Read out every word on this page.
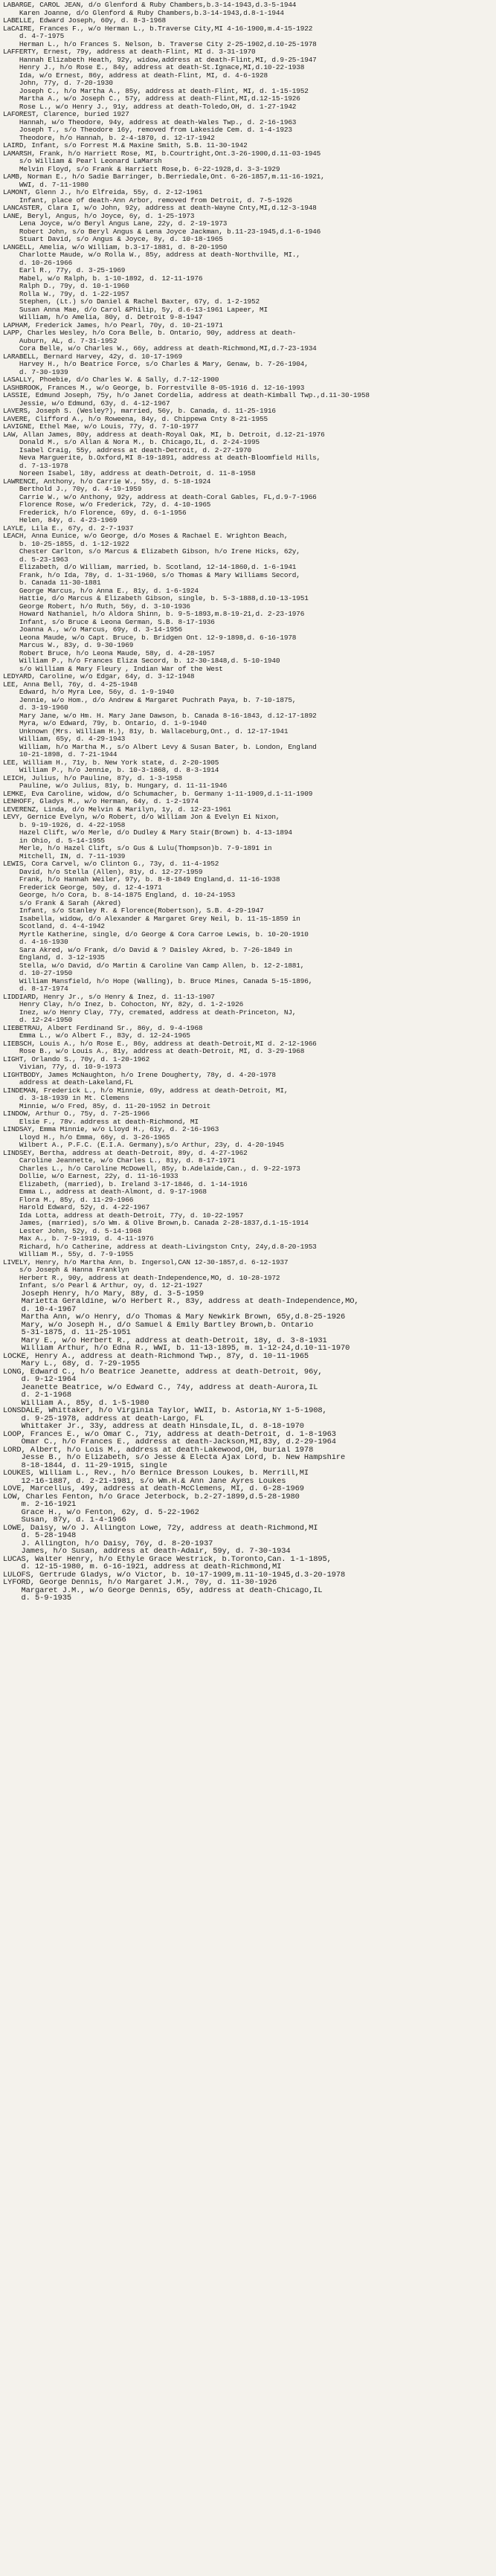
LABARGE, CAROL JEAN, d/o Glenford & Ruby Chambers,b.3-14-1943,d.3-5-1944
Karen Joanne, d/o Glenford & Ruby Chambers,b.3-14-1943,d.8-1-1944
LABELLE, Edward Joseph, 60y, d. 8-3-1968
LaCAIRE, Frances F., w/o Herman L., b.Traverse City,MI 4-16-1900,m.4-15-1922
d. 4-7-1975
Herman L., h/o Frances S. Nelson, b. Traverse City 2-25-1902,d.10-25-1978
LAFFERTY, Ernest, 79y, address at death-Flint, MI d. 3-31-1970
Hannah Elizabeth Heath, 92y, widow,address at death-Flint,MI, d.9-25-1947
Henry J., h/o Rose E., 84y, address at death-St.Ignace,MI,d.10-22-1938
Ida, w/o Ernest, 86y, address at death-Flint, MI, d. 4-6-1928
John, 77y, d. 7-20-1930
Joseph C., h/o Martha A., 85y, address at death-Flint, MI, d. 1-15-1952
Martha A., w/o Joseph C., 57y, address at death-Flint,MI,d.12-15-1926
Rose L., w/o Henry J., 91y, address at death-Toledo,OH, d. 1-27-1942
LAFOREST, Clarence, buried 1927
Hannah, w/o Theodore, 94y, address at death-Wales Twp., d. 2-16-1963
Joseph T., s/o Theodore 16y, removed from Lakeside Cem. d. 1-4-1923
Theodore, h/o Hannah, b. 2-4-1870, d. 12-17-1942
LAIRD, Infant, s/o Forrest M.& Maxine Smith, S.B. 11-30-1942
LAMARSH, Frank, h/o Harriett Rose, MI, b.Courtright,Ont.3-26-1900,d.11-03-1945
s/o William & Pearl Leonard LaMarsh
Melvin Floyd, s/o Frank & Harriett Rose,b. 6-22-1928,d. 3-3-1929
LAMB, Norman E., h/o Sadie Barringer, b.Berriedale,Ont. 6-26-1857,m.11-16-1921,
WWI, d. 7-11-1980
LAMONT, Glenn J., h/o Elfreida, 55y, d. 2-12-1961
Infant, place of death-Ann Arbor, removed from Detroit, d. 7-5-1926
LANCASTER, Clara I, w/o John, 92y, address at death-Wayne Cnty,MI,d.12-3-1948
LANE, Beryl, Angus, h/o Joyce, 6y, d. 1-25-1973
Lena Joyce, w/o Beryl Angus Lane, 22y, d. 2-19-1973
Robert John, s/o Beryl Angus & Lena Joyce Jackman, b.11-23-1945,d.1-6-1946
Stuart David, s/o Angus & Joyce, 8y, d. 10-18-1965
LANGELL, Amelia, w/o William, b.3-17-1881, d. 8-20-1950
Charlotte Maude, w/o Rolla W., 85y, address at death-Northville, MI.,
d. 10-26-1966
Earl R., 77y, d. 3-25-1969
Mabel, w/o Ralph, b. 1-10-1892, d. 12-11-1976
Ralph D., 79y, d. 10-1-1960
Rolla W., 79y, d. 1-22-1957
Stephen, (Lt.) s/o Daniel & Rachel Baxter, 67y, d. 1-2-1952
Susan Anna Mae, d/o Carol &Philip, 5y, d.6-13-1961 Lapeer, MI
William, h/o Amelia, 80y, d. Detroit 9-8-1947
LAPHAM, Frederick James, h/o Pearl, 70y, d. 10-21-1971
LAPP, Charles Wesley, h/o Cora Belle, b. Ontario, 90y, address at death-
Auburn, AL, d. 7-31-1952
Cora Belle, w/o Charles W., 66y, address at death-Richmond,MI,d.7-23-1934
LARABELL, Bernard Harvey, 42y, d. 10-17-1969
Harvey H., h/o Beatrice Force, s/o Charles & Mary, Genaw, b. 7-26-1904,
d. 7-30-1939
LASALLY, Phoebie, d/o Charles W. & Sally, d.7-12-1900
LASHBROOK, Frances M., w/o George, b. Forrestville 8-05-1916 d. 12-16-1993
LASSIE, Edmund Joseph, 75y, h/o Janet Cordelia, address at death-Kimball Twp.,d.11-30-1958
Jessie, w/o Edmund, 63y, d. 4-12-1967
LAVERS, Joseph S. (Wesley?), married, 56y, b. Canada, d. 11-25-1916
LAVERE, Clifford A., h/o Roweena, 84y, d. Chippewa Cnty 8-21-1955
LAVIGNE, Ethel Mae, w/o Louis, 77y, d. 7-10-1977
LAW, Allan James, 80y, address at death-Royal Oak, MI, b. Detroit, d.12-21-1976
Donald M., s/o Allan & Nora M., b. Chicago,IL, d. 2-24-1995
Isabel Craig, 55y, address at death-Detroit, d. 2-27-1970
Neva Marguerite, b.Oxford,MI 8-19-1891, address at death-Bloomfield Hills,
d. 7-13-1978
Noreen Isabel, 18y, address at death-Detroit, d. 11-8-1958
LAWRENCE, Anthony, h/o Carrie W., 55y, d. 5-18-1924
Berthold J., 70y, d. 4-19-1959
Carrie W., w/o Anthony, 92y, address at death-Coral Gables, FL,d.9-7-1966
Florence Rose, w/o Frederick, 72y, d. 4-10-1965
Frederick, h/o Florence, 69y, d. 6-1-1956
Helen, 84y, d. 4-23-1969
LAYLE, Lila E., 67y, d. 2-7-1937
LEACH, Anna Eunice, w/o George, d/o Moses & Rachael E. Wrighton Beach,
b. 10-25-1855, d. 1-12-1922
Chester Carlton, s/o Marcus & Elizabeth Gibson, h/o Irene Hicks, 62y,
d. 5-23-1963
Elizabeth, d/o William, married, b. Scotland, 12-14-1860,d. 1-6-1941
Frank, h/o Ida, 78y, d. 1-31-1960, s/o Thomas & Mary Williams Secord,
b. Canada 11-30-1881
George Marcus, h/o Anna E., 81y, d. 1-6-1924
Hattie, d/o Marcus & Elizabeth Gibson, single, b. 5-3-1888,d.10-13-1951
George Robert, h/o Ruth, 56y, d. 3-10-1936
Howard Nathaniel, h/o Aldora Shinn, b. 9-5-1893,m.8-19-21,d. 2-23-1976
Infant, s/o Bruce & Leona German, S.B. 8-17-1936
Joanna A., w/o Marcus, 69y, d. 3-14-1956
Leona Maude, w/o Capt. Bruce, b. Bridgen Ont. 12-9-1898,d. 6-16-1978
Marcus W., 83y, d. 9-30-1969
Robert Bruce, h/o Leona Maude, 58y, d. 4-28-1957
William P., h/o Frances Eliza Secord, b. 12-30-1848,d. 5-10-1940
s/o William & Mary Fleury , Indian War of the West
LEDYARD, Caroline, w/o Edgar, 64y, d. 3-12-1948
LEE, Anna Bell, 76y, d. 4-25-1948
Edward, h/o Myra Lee, 56y, d. 1-9-1940
Jennie, w/o Hom., d/o Andrew & Margaret Puchrath Paya, b. 7-10-1875,
d. 3-19-1960
Mary Jane, w/o Hm. H. Mary Jane Dawson, b. Canada 8-16-1843, d.12-17-1892
Myra, w/o Edward, 79y, b. Ontario, d. 1-9-1940
Unknown (Mrs. William H.), 81y, b. Wallaceburg,Ont., d. 12-17-1941
William, 65y, d. 4-29-1943
William, h/o Martha M., s/o Albert Levy & Susan Bater, b. London, England
10-21-1898, d. 7-21-1944
LEE, William H., 71y, b. New York state, d. 2-20-1905
William P., h/o Jennie, b. 10-3-1868, d. 8-3-1914
LEICH, Julius, h/o Pauline, 87y, d. 1-3-1958
Pauline, w/o Julius, 81y, b. Hungary, d. 11-11-1946
LEMKE, Eva Caroline, widow, d/o Schumacher, b. Germany 1-11-1909,d.1-11-1909
LENHOFF, Gladys M., w/o Herman, 64y, d. 1-2-1974
LEVERENZ, Linda, d/o Melvin & Marilyn, 1y, d. 12-23-1961
LEVY, Gernice Evelyn, w/o Robert, d/o William Jon & Evelyn Ei Nixon,
b. 9-19-1926, d. 4-22-1958
Hazel Clift, w/o Merle, d/o Dudley & Mary Stair(Brown) b. 4-13-1894
in Ohio, d. 5-14-1955
Merle, h/o Hazel Clift, s/o Gus & Lulu(Thompson)b. 7-9-1891 in
Mitchell, IN, d. 7-11-1939
LEWIS, Cora Carvel, w/o Clinton G., 73y, d. 11-4-1952
David, h/o Stella (Allen), 81y, d. 12-27-1959
Frank, h/o Hannah Weiler, 97y, b. 8-8-1849 England,d. 11-16-1938
Frederick George, 50y, d. 12-4-1971
George, h/o Cora, b. 8-14-1875 England, d. 10-24-1953
s/o Frank & Sarah (Akred)
Infant, s/o Stanley R. & Florence(Robertson), S.B. 4-29-1947
Isabella, widow, d/o Alexander & Margaret Grey Neil, b. 11-15-1859 in
Scotland, d. 4-4-1942
Myrtle Katherine, single, d/o George & Cora Carroe Lewis, b. 10-20-1910
d. 4-16-1930
Sara Akred, w/o Frank, d/o David & ? Daisley Akred, b. 7-26-1849 in
England, d. 3-12-1935
Stella, w/o David, d/o Martin & Caroline Van Camp Allen, b. 12-2-1881,
d. 10-27-1950
William Mansfield, h/o Hope (Walling), b. Bruce Mines, Canada 5-15-1896,
d. 8-17-1974
LIDDIARD, Henry Jr., s/o Henry & Inez, d. 11-13-1907
Henry Clay, h/o Inez, b. Cohocton, NY, 82y, d. 1-2-1926
Inez, w/o Henry Clay, 77y, cremated, address at death-Princeton, NJ,
d. 12-24-1950
LIEBETRAU, Albert Ferdinand Sr., 86y, d. 9-4-1968
Emma L., w/o Albert F., 83y, d. 12-24-1965
LIEBSCH, Louis A., h/o Rose E., 86y, address at death-Detroit,MI d. 2-12-1966
Rose B., w/o Louis A., 81y, address at death-Detroit, MI, d. 3-29-1968
LIGHT, Orlando S., 70y, d. 1-20-1962
Vivian, 77y, d. 10-9-1973
LIGHTBODY, James McNaughton, h/o Irene Dougherty, 78y, d. 4-20-1978
address at death-Lakeland,FL
LINDEMAN, Frederick L., h/o Minnie, 69y, address at death-Detroit, MI,
d. 3-18-1939 in Mt. Clemens
Minnie, w/o Fred, 85y, d. 11-20-1952 in Detroit
LINDOW, Arthur O., 75y, d. 7-25-1966
Elsie F., 78v. address at death-Richmond, MI
LINDSAY, Emma Minnie, w/o Lloyd H., 61y, d. 2-16-1963
Lloyd H., h/o Emma, 66y, d. 3-26-1965
Wilbert A., P.F.C. (E.I.A. Germany),s/o Arthur, 23y, d. 4-20-1945
LINDSEY, Bertha, address at death-Detroit, 89y, d. 4-27-1962
Caroline Jeannette, w/o Charles L., 81y, d. 8-17-1971
Charles L., h/o Caroline McDowell, 85y, b.Adelaide,Can., d. 9-22-1973
Dollie, w/o Earnest, 22y, d. 11-16-1933
Elizabeth, (married), b. Ireland 3-17-1846, d. 1-14-1916
Emma L., address at death-Almont, d. 9-17-1968
Flora M., 85y, d. 11-29-1966
Harold Edward, 52y, d. 4-22-1967
Ida Lotta, address at death-Detroit, 77y, d. 10-22-1957
James, (married), s/o Wm. & Olive Brown,b. Canada 2-28-1837,d.1-15-1914
Lester John, 52y, d. 5-14-1968
Max A., b. 7-9-1919, d. 4-11-1976
Richard, h/o Catherine, address at death-Livingston Cnty, 24y,d.8-20-1953
William M., 55y, d. 7-9-1955
LIVELY, Henry, h/o Martha Ann, b. Ingersol,CAN 12-30-1857,d. 6-12-1937
s/o Joseph & Hanna Franklyn
Herbert R., 90y, address at death-Independence,MO, d. 10-28-1972
Infant, s/o Pearl & Arthur, oy, d. 12-21-1927
Joseph Henry, h/o Mary, 88y, d. 3-5-1959
Marietta Geraldine, w/o Herbert R., 83y, address at death-Independence,MO,
d. 10-4-1967
Martha Ann, w/o Henry, d/o Thomas & Mary Newkirk Brown, 65y,d.8-25-1926
Mary, w/o Joseph H., d/o Samuel & Emily Bartley Brown,b. Ontario
5-31-1875, d. 11-25-1951
Mary E., w/o Herbert R., address at death-Detroit, 18y, d. 3-8-1931
William Arthur, h/o Edna R., WWI, b. 11-13-1895, m. 1-12-24,d.10-11-1970
LOCKE, Henry A., address at death-Richmond Twp., 87y, d. 10-11-1965
Mary L., 68y, d. 7-29-1955
LONG, Edward C., h/o Beatrice Jeanette, address at death-Detroit, 96y,
d. 9-12-1964
Jeanette Beatrice, w/o Edward C., 74y, address at death-Aurora,IL
d. 2-1-1968
William A., 85y, d. 1-5-1980
LONSDALE, Whittaker, h/o Virginia Taylor, WWII, b. Astoria,NY 1-5-1908,
d. 9-25-1978, address at death-Largo, FL
Whittaker Jr., 33y, address at death Hinsdale,IL, d. 8-18-1970
LOOP, Frances E., w/o Omar C., 71y, address at death-Detroit, d. 1-8-1963
Omar C., h/o Frances E., address at death-Jackson,MI,83y, d.2-29-1964
LORD, Albert, h/o Lois M., address at death-Lakewood,OH, burial 1978
Jesse B., h/o Elizabeth, s/o Jesse & Electa Ajax Lord, b. New Hampshire
8-18-1844, d. 11-29-1915, single
LOUKES, William L., Rev., h/o Bernice Bresson Loukes, b. Merrill,MI
12-16-1887, d. 2-21-1981, s/o Wm.H.& Ann Jane Ayres Loukes
LOVE, Marcellus, 49y, address at death-McClemens, MI, d. 6-28-1969
LOW, Charles Fenton, h/o Grace Jeterbock, b.2-27-1899,d.5-28-1980
m. 2-16-1921
Grace H., w/o Fenton, 62y, d. 5-22-1962
Susan, 87y, d. 1-4-1966
LOWE, Daisy, w/o J. Allington Lowe, 72y, address at death-Richmond,MI
d. 5-28-1948
J. Allington, h/o Daisy, 76y, d. 8-20-1937
James, h/o Susan, address at death-Adair, 59y, d. 7-30-1934
LUCAS, Walter Henry, h/o Ethyle Grace Westrick, b.Toronto,Can. 1-1-1895,
d. 12-15-1980, m. 6-16-1921, address at death-Richmond,MI
LULOFS, Gertrude Gladys, w/o Victor, b. 10-17-1909,m.11-10-1945,d.3-20-1978
LYFORD, George Dennis, h/o Margaret J.M., 70y, d. 11-30-1926
Margaret J.M., w/o George Dennis, 65y, address at death-Chicago,IL
d. 5-9-1935
